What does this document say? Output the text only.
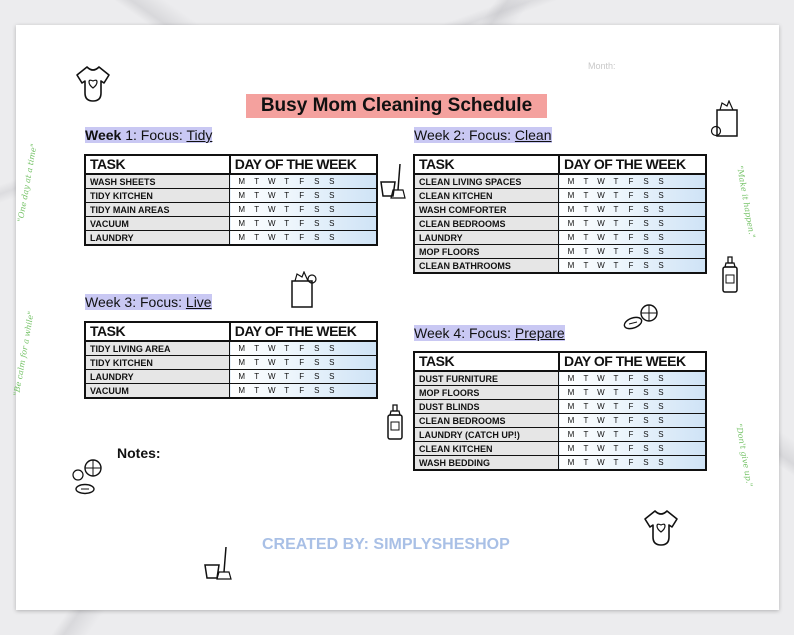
Month:
Busy Mom Cleaning Schedule
Week 1: Focus: Tidy	Week 2: Focus: Clean
Week 3: Focus: Live
Week 4: Focus: Prepare
TASK	DAY OF THE WEEK
WASH SHEETS	M T W T F S S
TIDY KITCHEN	M T W T F S S
TIDY MAIN AREAS	M T W T F S S
VACUUM	M T W T F S S
LAUNDRY	M T W T F S S
TASK	DAY OF THE WEEK
CLEAN LIVING SPACES	M T W T F S S
CLEAN KITCHEN	M T W T F S S
WASH COMFORTER	M T W T F S S
CLEAN BEDROOMS	M T W T F S S
LAUNDRY	M T W T F S S
MOP FLOORS	M T W T F S S
CLEAN BATHROOMS	M T W T F S S
TASK	DAY OF THE WEEK
TIDY LIVING AREA	M T W T F S S
TIDY KITCHEN	M T W T F S S
LAUNDRY	M T W T F S S
VACUUM	M T W T F S S
TASK	DAY OF THE WEEK
DUST FURNITURE	M T W T F S S
MOP FLOORS	M T W T F S S
DUST BLINDS	M T W T F S S
CLEAN BEDROOMS	M T W T F S S
LAUNDRY (CATCH UP!)	M T W T F S S
CLEAN KITCHEN	M T W T F S S
WASH BEDDING	M T W T F S S
Notes:
CREATED BY: SIMPLYSHESHOP
"One day at a time"
"Be calm for a while"
"Make it happen."
"Don't give up."
